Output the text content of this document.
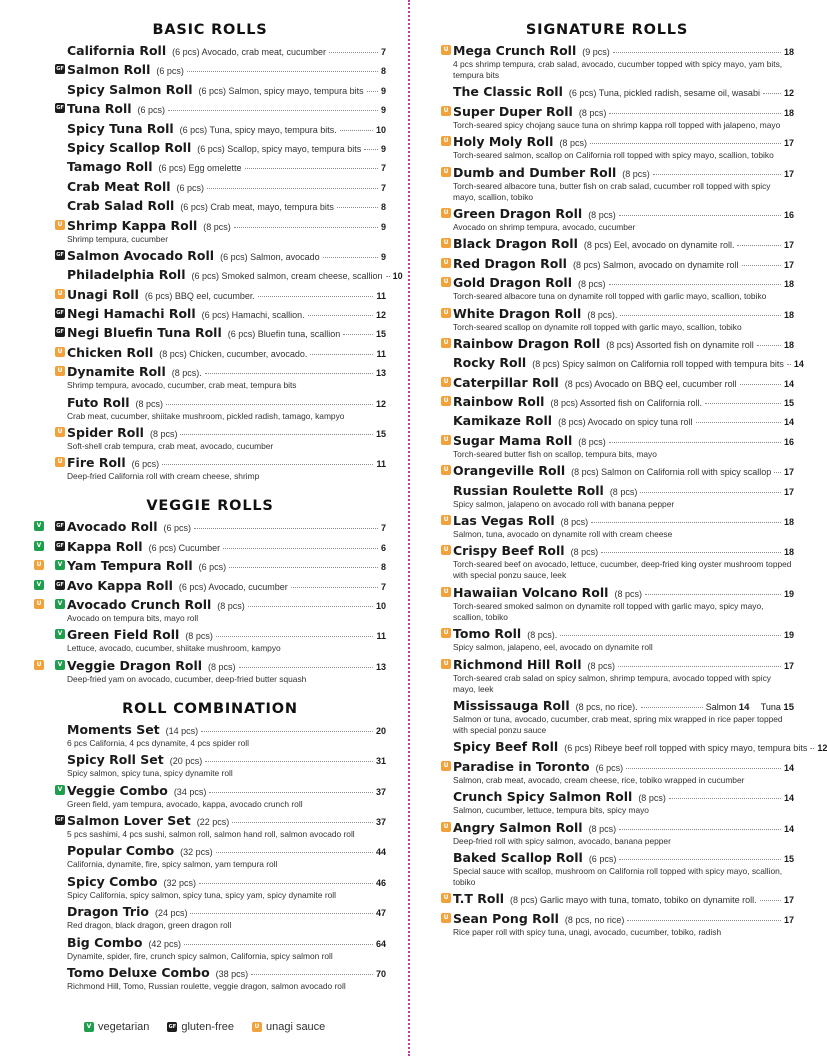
BASIC ROLLS
California Roll (6 pcs) Avocado, crab meat, cucumber	7
GF Salmon Roll (6 pcs)	8
Spicy Salmon Roll (6 pcs) Salmon, spicy mayo, tempura bits 9
GF Tuna Roll (6 pcs)	9
Spicy Tuna Roll (6 pcs) Tuna, spicy mayo, tempura bits.	10
Spicy Scallop Roll (6 pcs) Scallop, spicy mayo, tempura bits 9
Tamago Roll (6 pcs) Egg omelette	7
Crab Meat Roll (6 pcs)	7
Crab Salad Roll (6 pcs) Crab meat, mayo, tempura bits	8
U Shrimp Kappa Roll (8 pcs)	9
Shrimp tempura, cucumber
GF Salmon Avocado Roll (6 pcs) Salmon, avocado	9
Philadelphia Roll (6 pcs) Smoked salmon, cream cheese, scallion 10
U Unagi Roll (6 pcs) BBQ eel, cucumber.	11
GF Negi Hamachi Roll (6 pcs) Hamachi, scallion.	12
GF Negi Bluefin Tuna Roll (6 pcs) Bluefin tuna, scallion	15
U Chicken Roll (8 pcs) Chicken, cucumber, avocado.	11
U Dynamite Roll (8 pcs).	13
Shrimp tempura, avocado, cucumber, crab meat, tempura bits
Futo Roll (8 pcs)	12
Crab meat, cucumber, shiitake mushroom, pickled radish, tamago, kampyo
U Spider Roll (8 pcs)	15
Soft-shell crab tempura, crab meat, avocado, cucumber
U Fire Roll (6 pcs)	11
Deep-fried California roll with cream cheese, shrimp
VEGGIE ROLLS
V	GF Avocado Roll (6 pcs)	7
V	GF Kappa Roll (6 pcs) Cucumber	6
U	V Yam Tempura Roll (6 pcs)	8
V	GF Avo Kappa Roll (6 pcs) Avocado, cucumber	7
U	V Avocado Crunch Roll (8 pcs)	10
Avocado on tempura bits, mayo roll
V Green Field Roll (8 pcs)	11
Lettuce, avocado, cucumber, shiitake mushroom, kampyo
U	V Veggie Dragon Roll (8 pcs)	13
Deep-fried yam on avocado, cucumber, deep-fried butter squash
ROLL COMBINATION
Moments Set (14 pcs)	20
6 pcs California, 4 pcs dynamite, 4 pcs spider roll
Spicy Roll Set (20 pcs)	31
Spicy salmon, spicy tuna, spicy dynamite roll
V Veggie Combo (34 pcs)	37
Green field, yam tempura, avocado, kappa, avocado crunch roll
GF Salmon Lover Set (22 pcs)	37
5 pcs sashimi, 4 pcs sushi, salmon roll, salmon hand roll, salmon avocado roll
Popular Combo (32 pcs)	44
California, dynamite, fire, spicy salmon, yam tempura roll
Spicy Combo (32 pcs)	46
Spicy California, spicy salmon, spicy tuna, spicy yam, spicy dynamite roll
Dragon Trio (24 pcs)	47
Red dragon, black dragon, green dragon roll
Big Combo (42 pcs)	64
Dynamite, spider, fire, crunch spicy salmon, California, spicy salmon roll
Tomo Deluxe Combo (38 pcs)	70
Richmond Hill, Tomo, Russian roulette, veggie dragon, salmon avocado roll
SIGNATURE ROLLS
U Mega Crunch Roll (9 pcs)	18
4 pcs shrimp tempura, crab salad, avocado, cucumber topped with spicy mayo, yam bits, tempura bits
The Classic Roll (6 pcs) Tuna, pickled radish, sesame oil, wasabi	12
U Super Duper Roll (8 pcs)	18
Torch-seared spicy chojang sauce tuna on shrimp kappa roll topped with jalapeno, mayo
U Holy Moly Roll (8 pcs)	17
Torch-seared salmon, scallop on California roll topped with spicy mayo, scallion, tobiko
U Dumb and Dumber Roll (8 pcs)	17
Torch-seared albacore tuna, butter fish on crab salad, cucumber roll topped with spicy mayo, scallion, tobiko
U Green Dragon Roll (8 pcs)	16
Avocado on shrimp tempura, avocado, cucumber
U Black Dragon Roll (8 pcs) Eel, avocado on dynamite roll.	17
U Red Dragon Roll (8 pcs) Salmon, avocado on dynamite roll	17
U Gold Dragon Roll (8 pcs)	18
Torch-seared albacore tuna on dynamite roll topped with garlic mayo, scallion, tobiko
U White Dragon Roll (8 pcs).	18
Torch-seared scallop on dynamite roll topped with garlic mayo, scallion, tobiko
U Rainbow Dragon Roll (8 pcs) Assorted fish on dynamite roll	18
Rocky Roll (8 pcs) Spicy salmon on California roll topped with tempura bits 14
U Caterpillar Roll (8 pcs) Avocado on BBQ eel, cucumber roll	14
U Rainbow Roll (8 pcs) Assorted fish on California roll.	15
Kamikaze Roll (8 pcs) Avocado on spicy tuna roll	14
U Sugar Mama Roll (8 pcs)	16
Torch-seared butter fish on scallop, tempura bits, mayo
U Orangeville Roll (8 pcs) Salmon on California roll with spicy scallop 17
Russian Roulette Roll (8 pcs)	17
Spicy salmon, jalapeno on avocado roll with banana pepper
U Las Vegas Roll (8 pcs)	18
Salmon, tuna, avocado on dynamite roll with cream cheese
U Crispy Beef Roll (8 pcs)	18
Torch-seared beef on avocado, lettuce, cucumber, deep-fried king oyster mushroom topped with special ponzu sauce, leek
U Hawaiian Volcano Roll (8 pcs)	19
Torch-seared smoked salmon on dynamite roll topped with garlic mayo, spicy mayo, scallion, tobiko
U Tomo Roll (8 pcs).	19
Spicy salmon, jalapeno, eel, avocado on dynamite roll
U Richmond Hill Roll (8 pcs)	17
Torch-seared crab salad on spicy salmon, shrimp tempura, avocado topped with spicy mayo, leek
Mississauga Roll (8 pcs, no rice).	Salmon 14  Tuna 15
Salmon or tuna, avocado, cucumber, crab meat, spring mix wrapped in rice paper topped with special ponzu sauce
Spicy Beef Roll (6 pcs) Ribeye beef roll topped with spicy mayo, tempura bits 12
U Paradise in Toronto (6 pcs)	14
Salmon, crab meat, avocado, cream cheese, rice, tobiko wrapped in cucumber
Crunch Spicy Salmon Roll (8 pcs)	14
Salmon, cucumber, lettuce, tempura bits, spicy mayo
U Angry Salmon Roll (8 pcs)	14
Deep-fried roll with spicy salmon, avocado, banana pepper
Baked Scallop Roll (6 pcs)	15
Special sauce with scallop, mushroom on California roll topped with spicy mayo, scallion, tobiko
U T.T Roll (8 pcs) Garlic mayo with tuna, tomato, tobiko on dynamite roll.	17
U Sean Pong Roll (8 pcs, no rice)	17
Rice paper roll with spicy tuna, unagi, avocado, cucumber, tobiko, radish
V vegetarian	GF gluten-free	U unagi sauce
